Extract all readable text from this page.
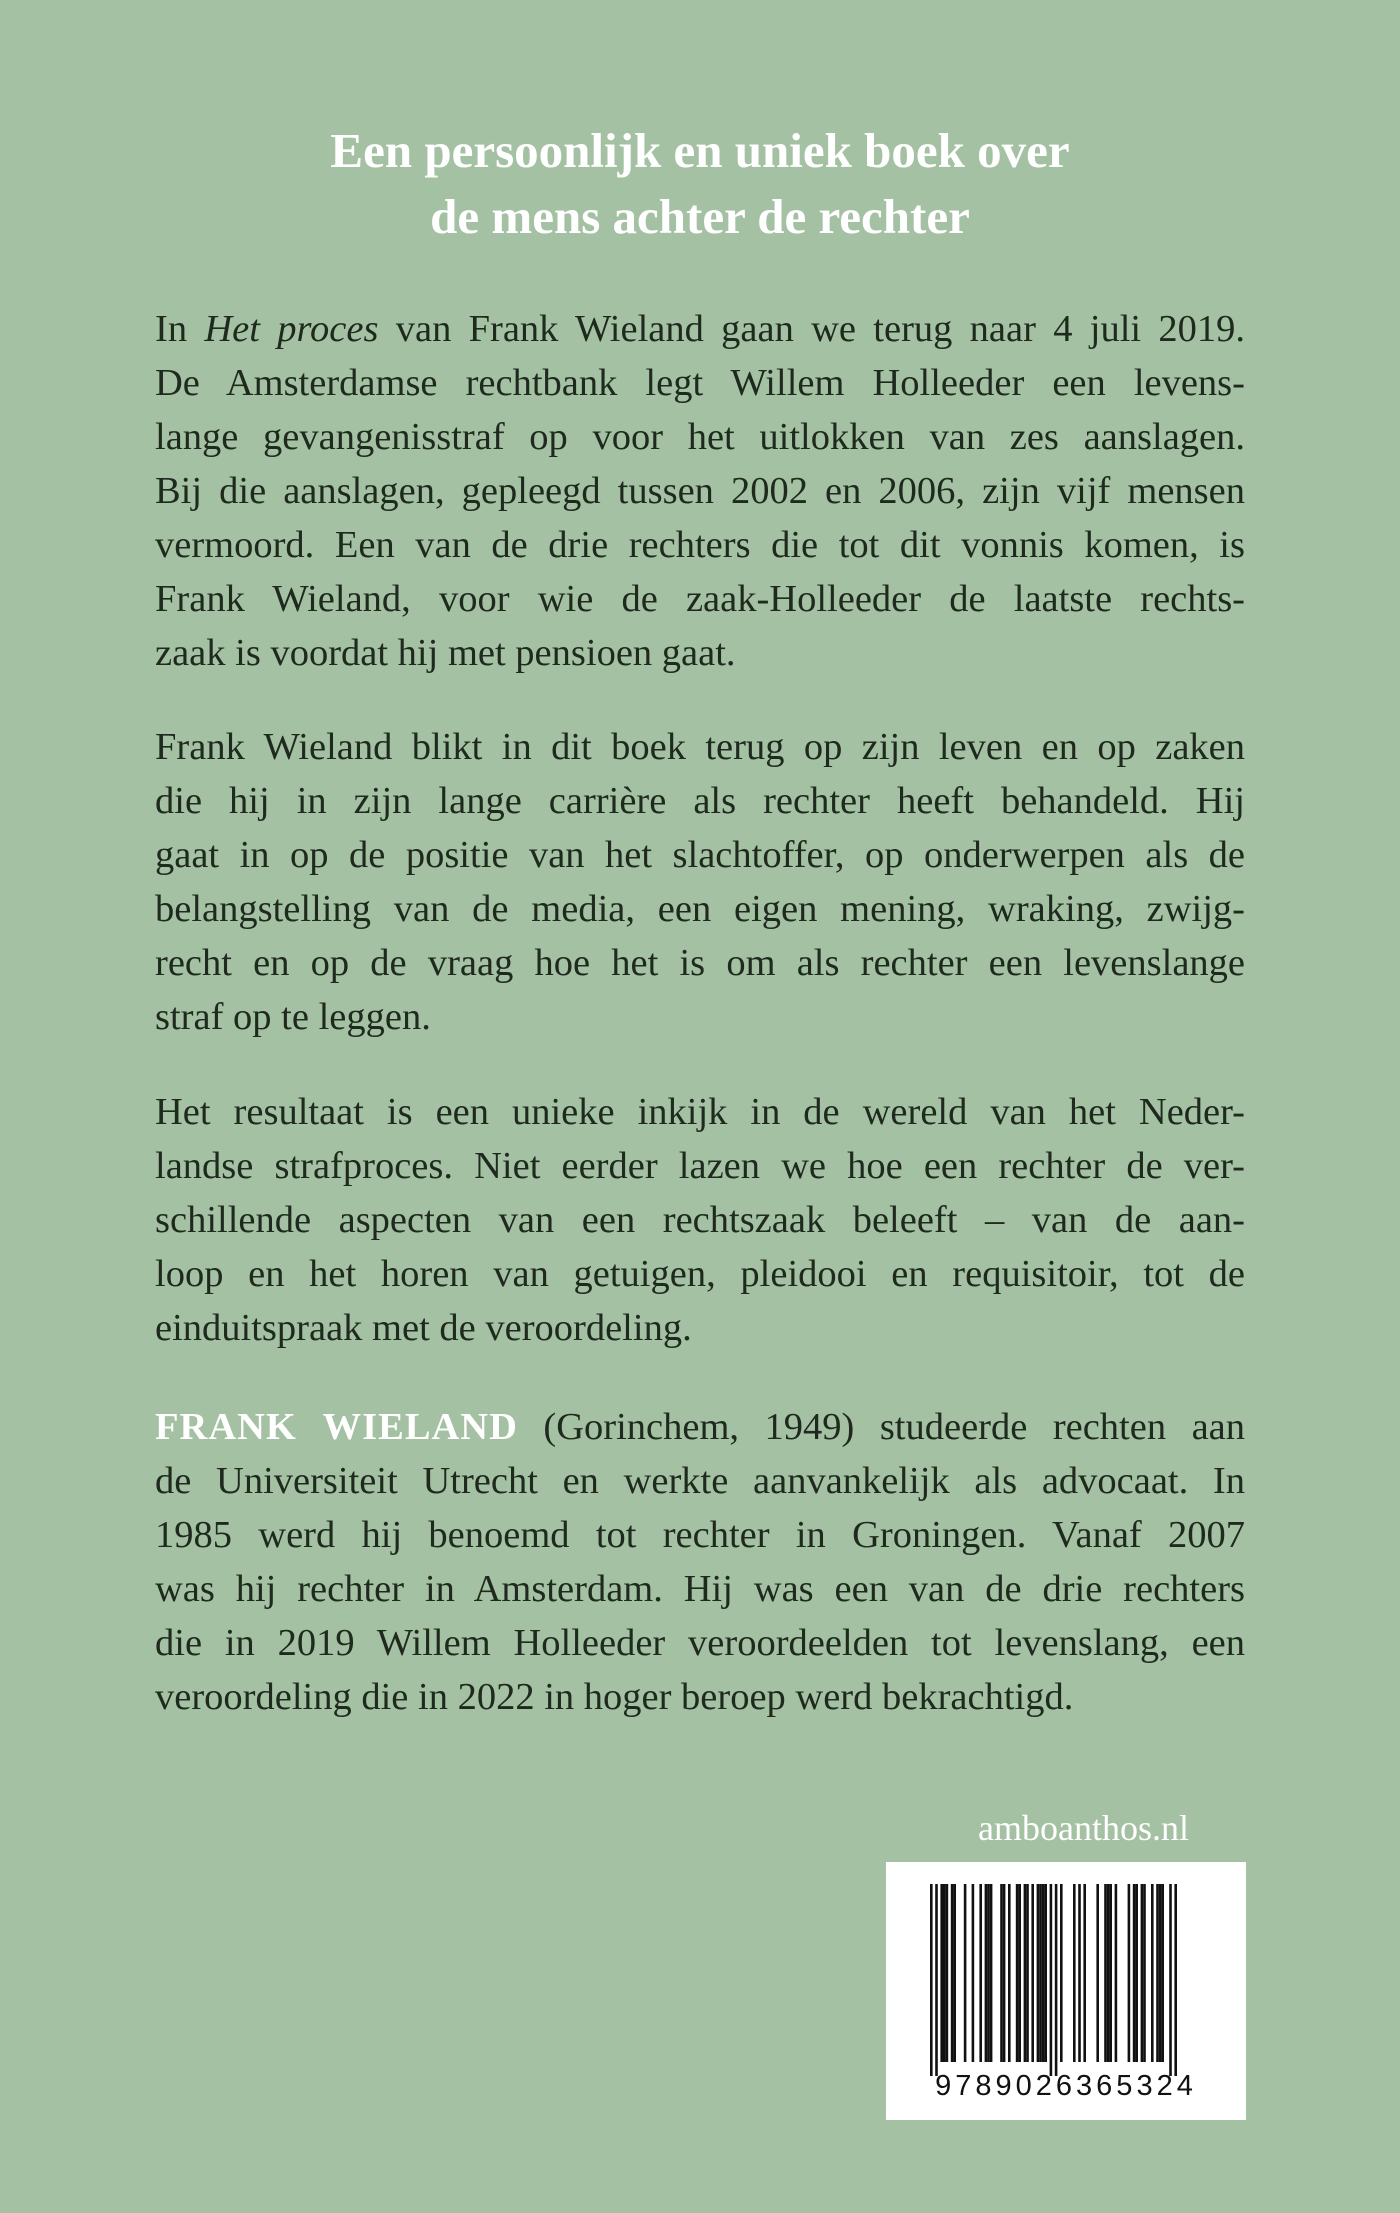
Een persoonlijk en uniek boek over
de mens achter de rechter
In Het proces van Frank Wieland gaan we terug naar 4 juli 2019.
De Amsterdamse rechtbank legt Willem Holleeder een levens-
lange gevangenisstraf op voor het uitlokken van zes aanslagen.
Bij die aanslagen, gepleegd tussen 2002 en 2006, zijn vijf mensen
vermoord. Een van de drie rechters die tot dit vonnis komen, is
Frank Wieland, voor wie de zaak-Holleeder de laatste rechts-
zaak is voordat hij met pensioen gaat.
Frank Wieland blikt in dit boek terug op zijn leven en op zaken
die hij in zijn lange carrière als rechter heeft behandeld. Hij
gaat in op de positie van het slachtoffer, op onderwerpen als de
belangstelling van de media, een eigen mening, wraking, zwijg-
recht en op de vraag hoe het is om als rechter een levenslange
straf op te leggen.
Het resultaat is een unieke inkijk in de wereld van het Neder-
landse strafproces. Niet eerder lazen we hoe een rechter de ver-
schillende aspecten van een rechtszaak beleeft – van de aan-
loop en het horen van getuigen, pleidooi en requisitoir, tot de
einduitspraak met de veroordeling.
FRANK WIELAND (Gorinchem, 1949) studeerde rechten aan
de Universiteit Utrecht en werkte aanvankelijk als advocaat. In
1985 werd hij benoemd tot rechter in Groningen. Vanaf 2007
was hij rechter in Amsterdam. Hij was een van de drie rechters
die in 2019 Willem Holleeder veroordeelden tot levenslang, een
veroordeling die in 2022 in hoger beroep werd bekrachtigd.
amboanthos.nl
9789026365324
